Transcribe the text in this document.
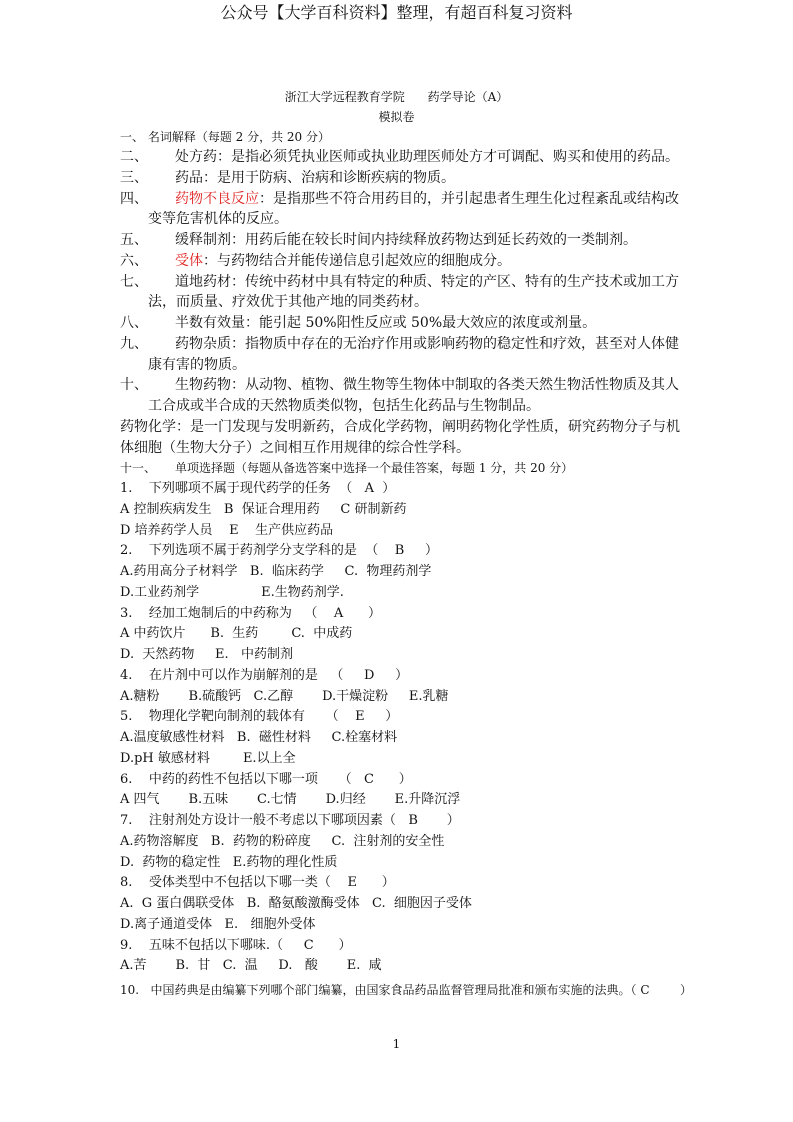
公众号【大学百科资料】整理，有超百科复习资料
浙江大学远程教育学院      药学导论（A）
模拟卷
一、 名词解释（每题 2 分，共 20 分）
二、 处方药：是指必须凭执业医师或执业助理医师处方才可调配、购买和使用的药品。
三、 药品：是用于防病、治病和诊断疾病的物质。
四、 药物不良反应：是指那些不符合用药目的，并引起患者生理生化过程紊乱或结构改
变等危害机体的反应。
五、 缓释制剂：用药后能在较长时间内持续释放药物达到延长药效的一类制剂。
六、 受体：与药物结合并能传递信息引起效应的细胞成分。
七、 道地药材：传统中药材中具有特定的种质、特定的产区、特有的生产技术或加工方
法，而质量、疗效优于其他产地的同类药材。
八、 半数有效量：能引起 50%阳性反应或 50%最大效应的浓度或剂量。
九、 药物杂质：指物质中存在的无治疗作用或影响药物的稳定性和疗效，甚至对人体健
康有害的物质。
十、 生物药物：从动物、植物、微生物等生物体中制取的各类天然生物活性物质及其人
工合成或半合成的天然物质类似物，包括生化药品与生物制品。
药物化学：是一门发现与发明新药，合成化学药物，阐明药物化学性质，研究药物分子与机
体细胞（生物大分子）之间相互作用规律的综合性学科。
十一、 单项选择题（每题从备选答案中选择一个最佳答案，每题 1 分，共 20 分）
1.    下列哪项不属于现代药学的任务  （   A  ）
A 控制疾病发生   B  保证合理用药     C 研制新药
D 培养药学人员    E    生产供应药品
2.    下列选项不属于药剂学分支学科的是  （    B     ）
A.药用高分子材料学   B.  临床药学     C.  物理药剂学
D.工业药剂学               E.生物药剂学.
3.    经加工炮制后的中药称为   （    A      ）
A 中药饮片      B.  生药        C.  中成药
D.  天然药物     E.   中药制剂
4.    在片剂中可以作为崩解剂的是   （     D     ）
A.糖粉       B.硫酸钙   C.乙醇       D.干燥淀粉     E.乳糖
5.    物理化学靶向制剂的载体有     （    E     ）
A.温度敏感性材料   B.  磁性材料     C.栓塞材料
D.pH 敏感材料        E.以上全
6.    中药的药性不包括以下哪一项     （   C      ）
A 四气       B.五味       C.七情       D.归经       E.升降沉浮
7.    注射剂处方设计一般不考虑以下哪项因素（   B       ）
A.药物溶解度   B.  药物的粉碎度     C.  注射剂的安全性
D.  药物的稳定性   E.药物的理化性质
8.    受体类型中不包括以下哪一类（    E      ）
A.  G 蛋白偶联受体   B.  酪氨酸激酶受体   C.  细胞因子受体
D.离子通道受体   E.   细胞外受体
9.    五味不包括以下哪味.（     C      ）
A.苦       B.  甘   C.  温     D.   酸       E.  咸
10.   中国药典是由编纂下列哪个部门编纂，由国家食品药品监督管理局批准和颁布实施的法典。（ C        ）
1
